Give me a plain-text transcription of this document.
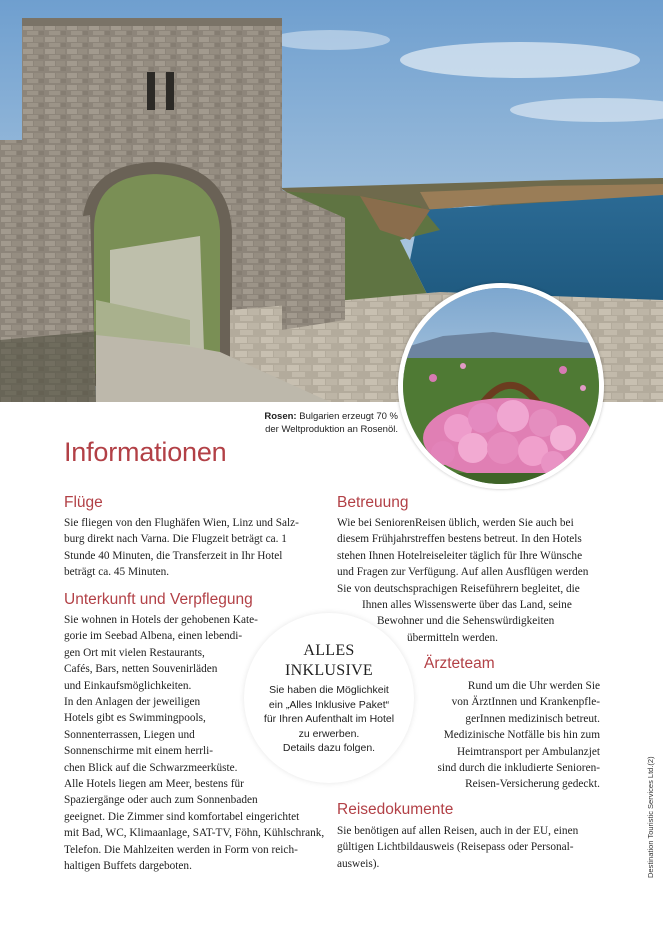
Rosen: Bulgarien erzeugt 70 %
der Weltproduktion an Rosenöl.
Informationen
Flüge
Sie fliegen von den Flughäfen Wien, Linz und Salz-
burg direkt nach Varna. Die Flugzeit beträgt ca. 1
Stunde 40 Minuten, die Transferzeit in Ihr Hotel
beträgt ca. 45 Minuten.
Unterkunft und Verpflegung
Sie wohnen in Hotels der gehobenen Kate-
gorie im Seebad Albena, einen lebendi-
gen Ort mit vielen Restaurants,
Cafés, Bars, netten Souvenirläden
und Einkaufsmöglichkeiten.
In den Anlagen der jeweiligen
Hotels gibt es Swimmingpools,
Sonnenterrassen, Liegen und
Sonnenschirme mit einem herrli-
chen Blick auf die Schwarzmeerküste.
Alle Hotels liegen am Meer, bestens für
Spaziergänge oder auch zum Sonnenbaden
geeignet. Die Zimmer sind komfortabel eingerichtet
mit Bad, WC, Klimaanlage, SAT-TV, Föhn, Kühlschrank,
Telefon. Die Mahlzeiten werden in Form von reich-
haltigen Buffets dargeboten.
Betreuung
Wie bei SeniorenReisen üblich, werden Sie auch bei
diesem Frühjahrstreffen bestens betreut. In den Hotels
stehen Ihnen Hotelreiseleiter täglich für Ihre Wünsche
und Fragen zur Verfügung. Auf allen Ausflügen werden
Sie von deutschsprachigen Reiseführern begleitet, die
Ihnen alles Wissenswerte über das Land, seine
Bewohner und die Sehenswürdigkeiten
übermitteln werden.
ALLES
INKLUSIVE
Sie haben die Möglichkeit
ein „Alles Inklusive Paket“
für Ihren Aufenthalt im Hotel
zu erwerben.
Details dazu folgen.
Ärzteteam
Rund um die Uhr werden Sie
von ÄrztInnen und Krankenpfle-
gerInnen medizinisch betreut.
Medizinische Notfälle bis hin zum
Heimtransport per Ambulanzjet
sind durch die inkludierte Senioren-
Reisen-Versicherung gedeckt.
Reisedokumente
Sie benötigen auf allen Reisen, auch in der EU, einen
gültigen Lichtbildausweis (Reisepass oder Personal-
ausweis).	Destination Touristic Services Ltd.(2)
